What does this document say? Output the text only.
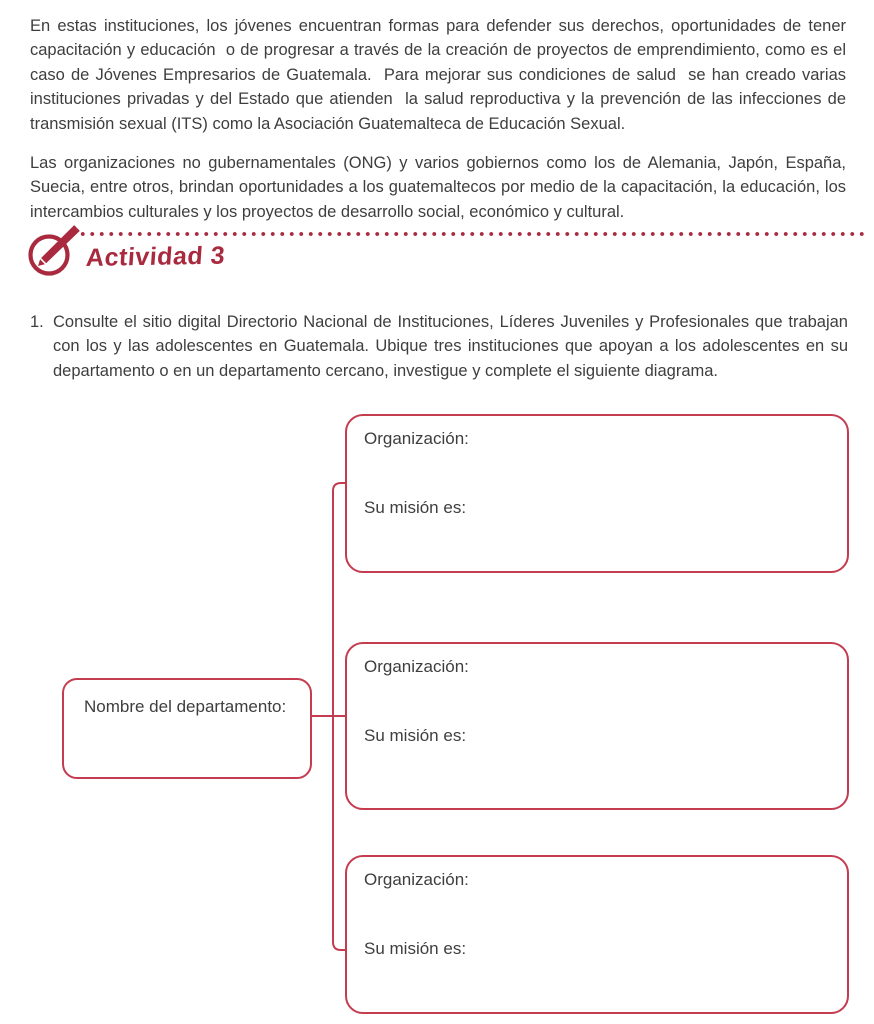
En estas instituciones, los jóvenes encuentran formas para defender sus derechos, oportunidades de tener capacitación y educación  o de progresar a través de la creación de proyectos de emprendimiento, como es el caso de Jóvenes Empresarios de Guatemala.  Para mejorar sus condiciones de salud  se han creado varias instituciones privadas y del Estado que atienden  la salud reproductiva y la prevención de las infecciones de transmisión sexual (ITS) como la Asociación Guatemalteca de Educación Sexual.

Las organizaciones no gubernamentales (ONG) y varios gobiernos como los de Alemania, Japón, España, Suecia, entre otros, brindan oportunidades a los guatemaltecos por medio de la capacitación, la educación, los intercambios culturales y los proyectos de desarrollo social, económico y cultural.

Actividad 3
1. Consulte el sitio digital Directorio Nacional de Instituciones, Líderes Juveniles y Profesionales que trabajan con los y las adolescentes en Guatemala. Ubique tres instituciones que apoyan a los adolescentes en su departamento o en un departamento cercano, investigue y complete el siguiente diagrama.
Nombre del departamento:
Organización:
Su misión es:
Organización:
Su misión es:
Organización:
Su misión es:
